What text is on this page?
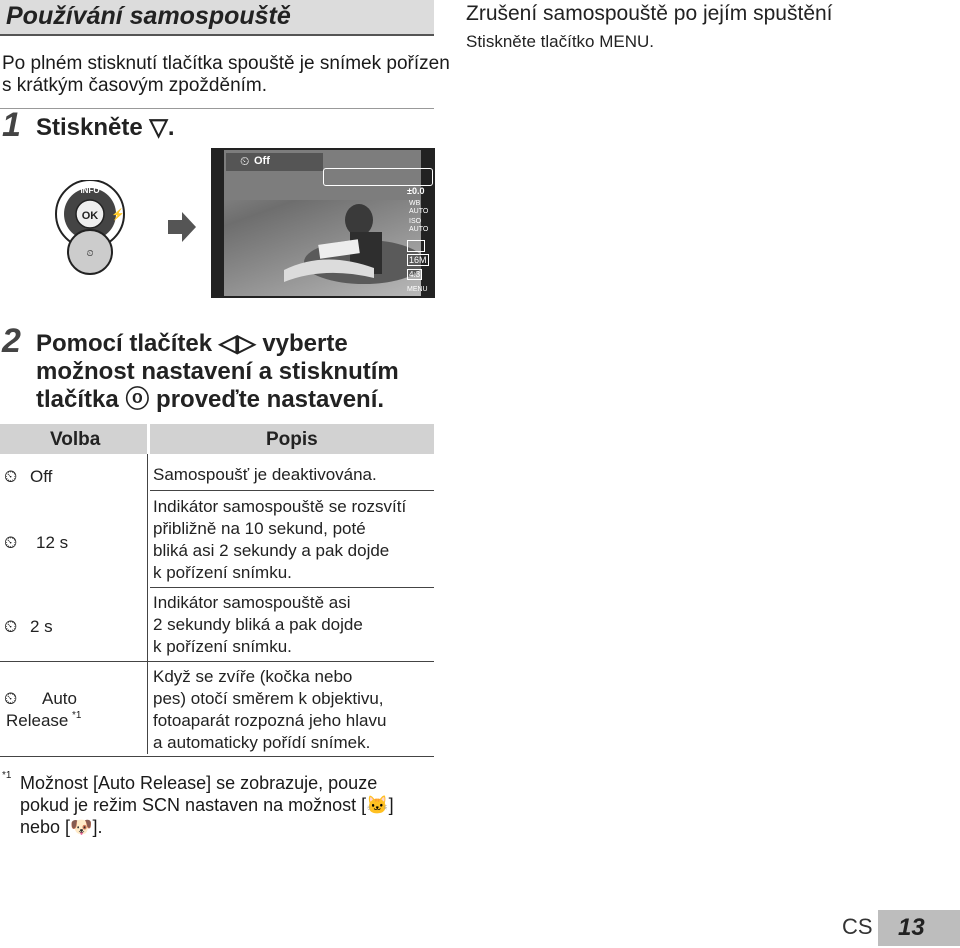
Používání samospouště
Po plném stisknutí tlačítka spouště je snímek pořízen
s krátkým časovým zpožděním.
1 Stiskněte ▽.
OK
INFO
⚡
⏲
Off
⏲
±0.0
WB AUTO
ISO AUTO
16M
4:3
MENU
2 Pomocí tlačítek ◁▷ vyberte
možnost nastavení a stisknutím
tlačítka ⓞ proveďte nastavení.
Volba	Popis
⏲ Off	Samospoušť je deaktivována.
⏲ 12 s
Indikátor samospouště se rozsvítí
přibližně na 10 sekund, poté
bliká asi 2 sekundy a pak dojde
k pořízení snímku.
⏲ 2 s
Indikátor samospouště asi
2 sekundy bliká a pak dojde
k pořízení snímku.
⏲ Auto
Release *1
Když se zvíře (kočka nebo
pes) otočí směrem k objektivu,
fotoaparát rozpozná jeho hlavu
a automaticky pořídí snímek.
*1 Možnost [Auto Release] se zobrazuje, pouze
pokud je režim SCN nastaven na možnost [🐱]
nebo [🐶].
Zrušení samospouště po jejím spuštění
Stiskněte tlačítko MENU.
CS 13
